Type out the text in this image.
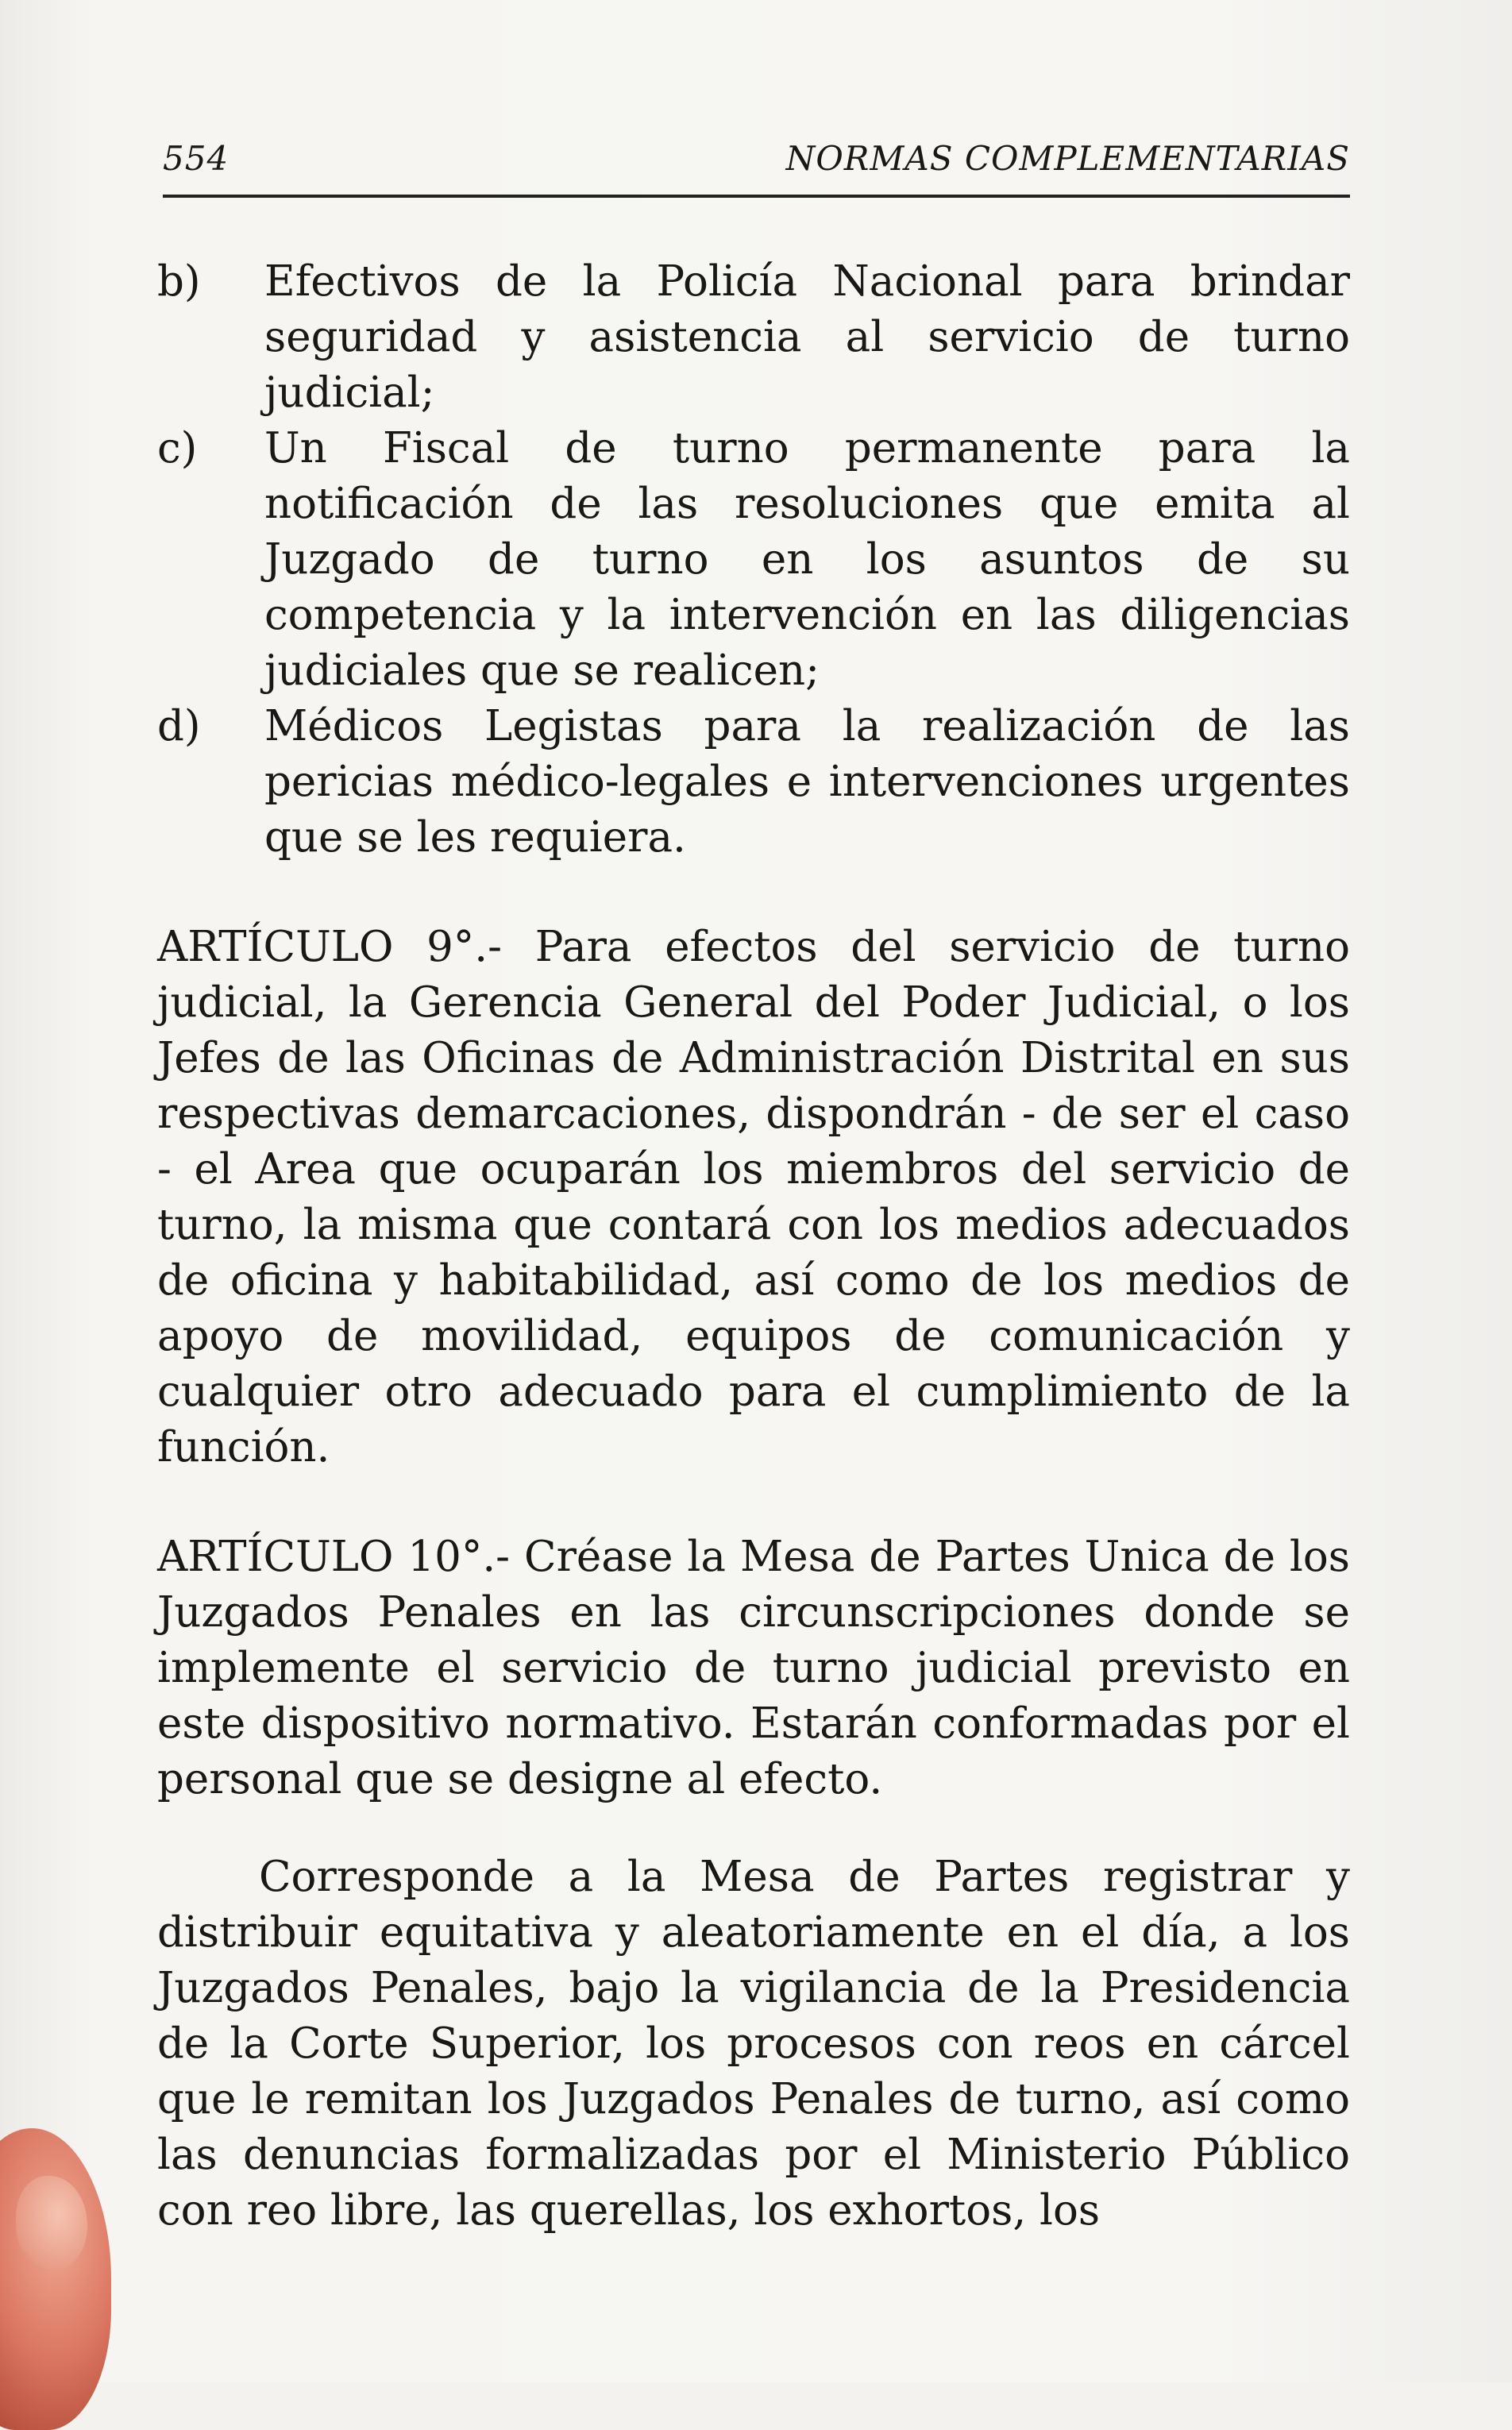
554	NORMAS COMPLEMENTARIAS
b)	Efectivos de la Policía Nacional para brindar seguridad y asistencia al servicio de turno judicial;
c)	Un Fiscal de turno permanente para la notificación de las resoluciones que emita al Juzgado de turno en los asuntos de su competencia y la intervención en las diligencias judiciales que se realicen;
d)	Médicos Legistas para la realización de las pericias médico-legales e intervenciones urgentes que se les requiera.

ARTÍCULO 9°.- Para efectos del servicio de turno judicial, la Gerencia General del Poder Judicial, o los Jefes de las Oficinas de Administración Distrital en sus respectivas demarcaciones, dispondrán - de ser el caso - el Area que ocuparán los miembros del servicio de turno, la misma que contará con los medios adecuados de oficina y habitabilidad, así como de los medios de apoyo de movilidad, equipos de comunicación y cualquier otro adecuado para el cumplimiento de la función.

ARTÍCULO 10°.- Créase la Mesa de Partes Unica de los Juzgados Penales en las circunscripciones donde se implemente el servicio de turno judicial previsto en este dispositivo normativo. Estarán conformadas por el personal que se designe al efecto.

Corresponde a la Mesa de Partes registrar y distribuir equitativa y aleatoriamente en el día, a los Juzgados Penales, bajo la vigilancia de la Presidencia de la Corte Superior, los procesos con reos en cárcel que le remitan los Juzgados Penales de turno, así como las denuncias formalizadas por el Ministerio Público con reo libre, las querellas, los exhortos, los
